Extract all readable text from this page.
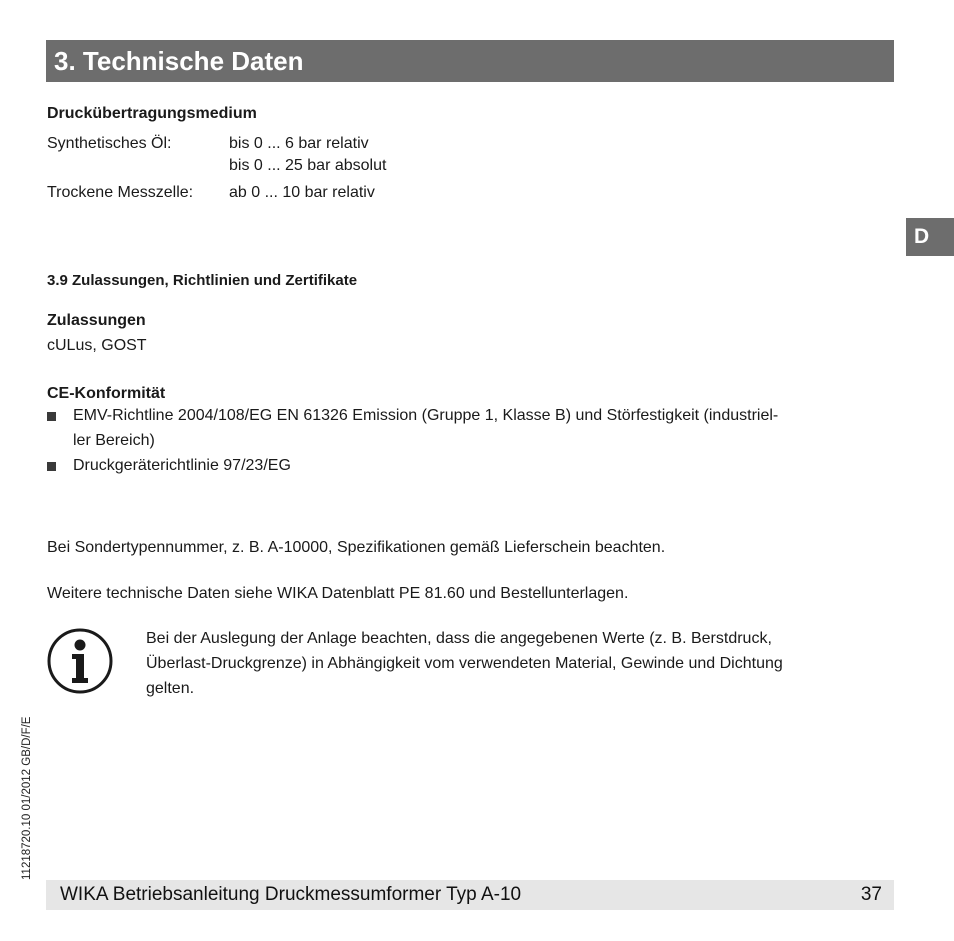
3. Technische Daten
D
Druckübertragungsmedium
Synthetisches Öl:	bis 0 ... 6 bar relativ
bis 0 ... 25 bar absolut
Trockene Messzelle: ab 0 ... 10 bar relativ
3.9 Zulassungen, Richtlinien und Zertifikate
Zulassungen
cULus, GOST
CE-Konformität
EMV-Richtline 2004/108/EG EN 61326 Emission (Gruppe 1, Klasse B) und Störfestigkeit (industriel-
ler Bereich)
Druckgeräterichtlinie 97/23/EG
Bei Sondertypennummer, z. B. A-10000, Spezifikationen gemäß Lieferschein beachten.
Weitere technische Daten siehe WIKA Datenblatt PE 81.60 und Bestellunterlagen.
Bei der Auslegung der Anlage beachten, dass die angegebenen Werte (z. B. Berstdruck,
Überlast-Druckgrenze) in Abhängigkeit vom verwendeten Material, Gewinde und Dichtung
gelten.
11218720.10 01/2012 GB/D/F/E
WIKA Betriebsanleitung Druckmessumformer Typ A-10	37
